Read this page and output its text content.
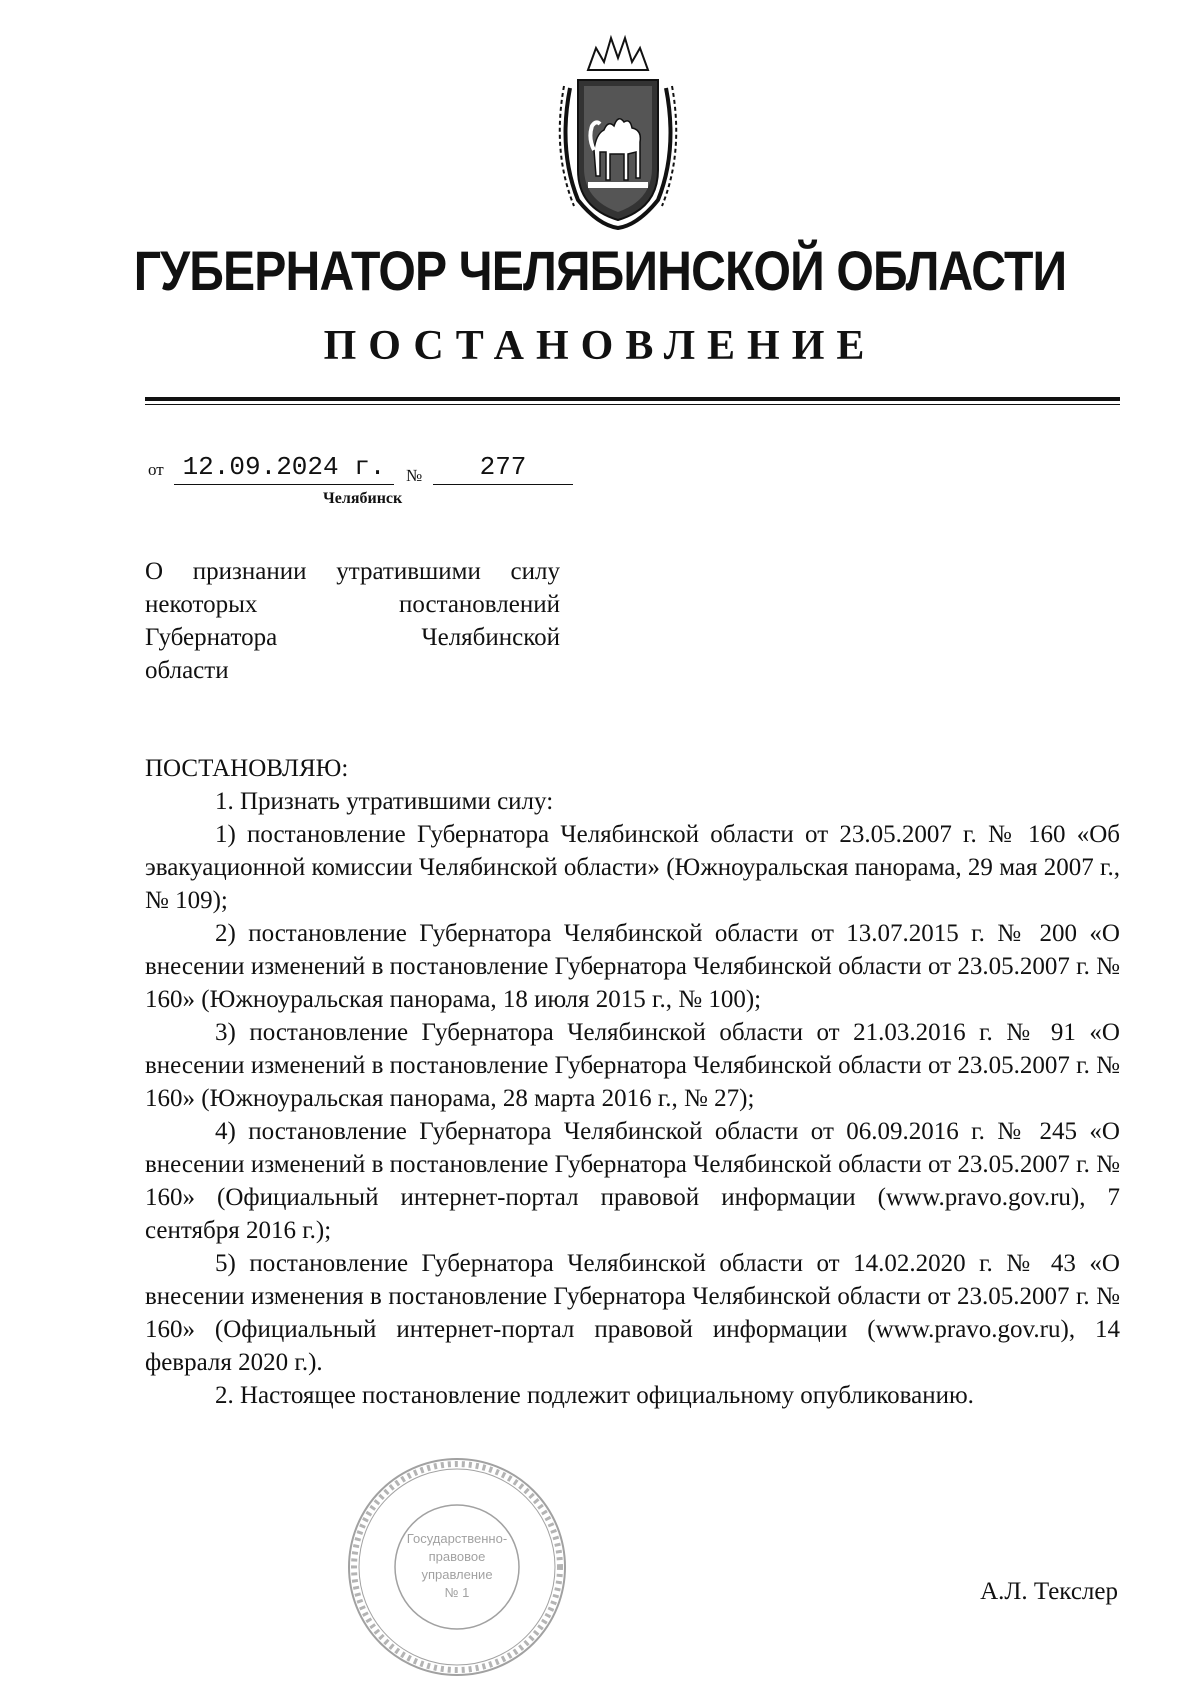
ГУБЕРНАТОР ЧЕЛЯБИНСКОЙ ОБЛАСТИ
ПОСТАНОВЛЕНИЕ
от 12.09.2024 г.	№	277
Челябинск
О признании утратившими силу
некоторых	постановлений
Губернатора	Челябинской
области

ПОСТАНОВЛЯЮ:

1. Признать утратившими силу:

1) постановление Губернатора Челябинской области от 23.05.2007 г. № 160 «Об эвакуационной комиссии Челябинской области» (Южноуральская панорама, 29 мая 2007 г., № 109);

2) постановление Губернатора Челябинской области от 13.07.2015 г. № 200 «О внесении изменений в постановление Губернатора Челябинской области от 23.05.2007 г. № 160» (Южноуральская панорама, 18 июля 2015 г., № 100);

3) постановление Губернатора Челябинской области от 21.03.2016 г. № 91 «О внесении изменений в постановление Губернатора Челябинской области от 23.05.2007 г. № 160» (Южноуральская панорама, 28 марта 2016 г., № 27);

4) постановление Губернатора Челябинской области от 06.09.2016 г. № 245 «О внесении изменений в постановление Губернатора Челябинской области от 23.05.2007 г. № 160» (Официальный интернет-портал правовой информации (www.pravo.gov.ru), 7 сентября 2016 г.);

5) постановление Губернатора Челябинской области от 14.02.2020 г. № 43 «О внесении изменения в постановление Губернатора Челябинской области от 23.05.2007 г. № 160» (Официальный интернет-портал правовой информации (www.pravo.gov.ru), 14 февраля 2020 г.).

2. Настоящее постановление подлежит официальному опубликованию.

Государственно-
правовое
управление
№ 1	А.Л. Текслер
